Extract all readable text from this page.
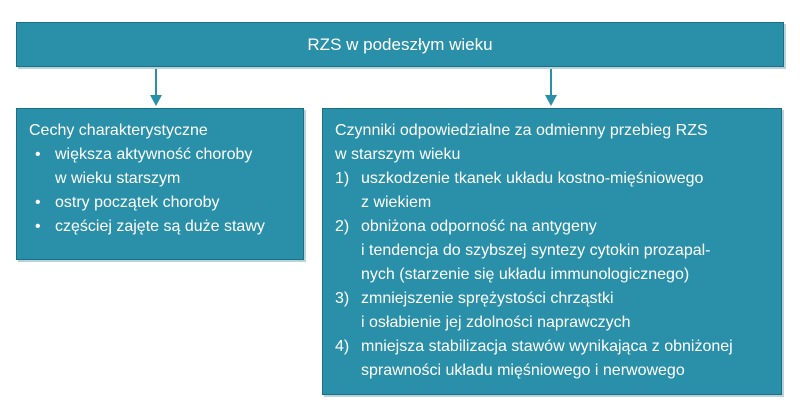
RZS w podeszłym wieku
Cechy charakterystyczne
• większa aktywność choroby
w wieku starszym
• ostry początek choroby
• częściej zajęte są duże stawy
Czynniki odpowiedzialne za odmienny przebieg RZS
w starszym wieku
1) uszkodzenie tkanek układu kostno-mięśniowego
z wiekiem
2) obniżona odporność na antygeny
i tendencja do szybszej syntezy cytokin prozapal-
nych (starzenie się układu immunologicznego)
3) zmniejszenie sprężystości chrząstki
i osłabienie jej zdolności naprawczych
4) mniejsza stabilizacja stawów wynikająca z obniżonej
sprawności układu mięśniowego i nerwowego
